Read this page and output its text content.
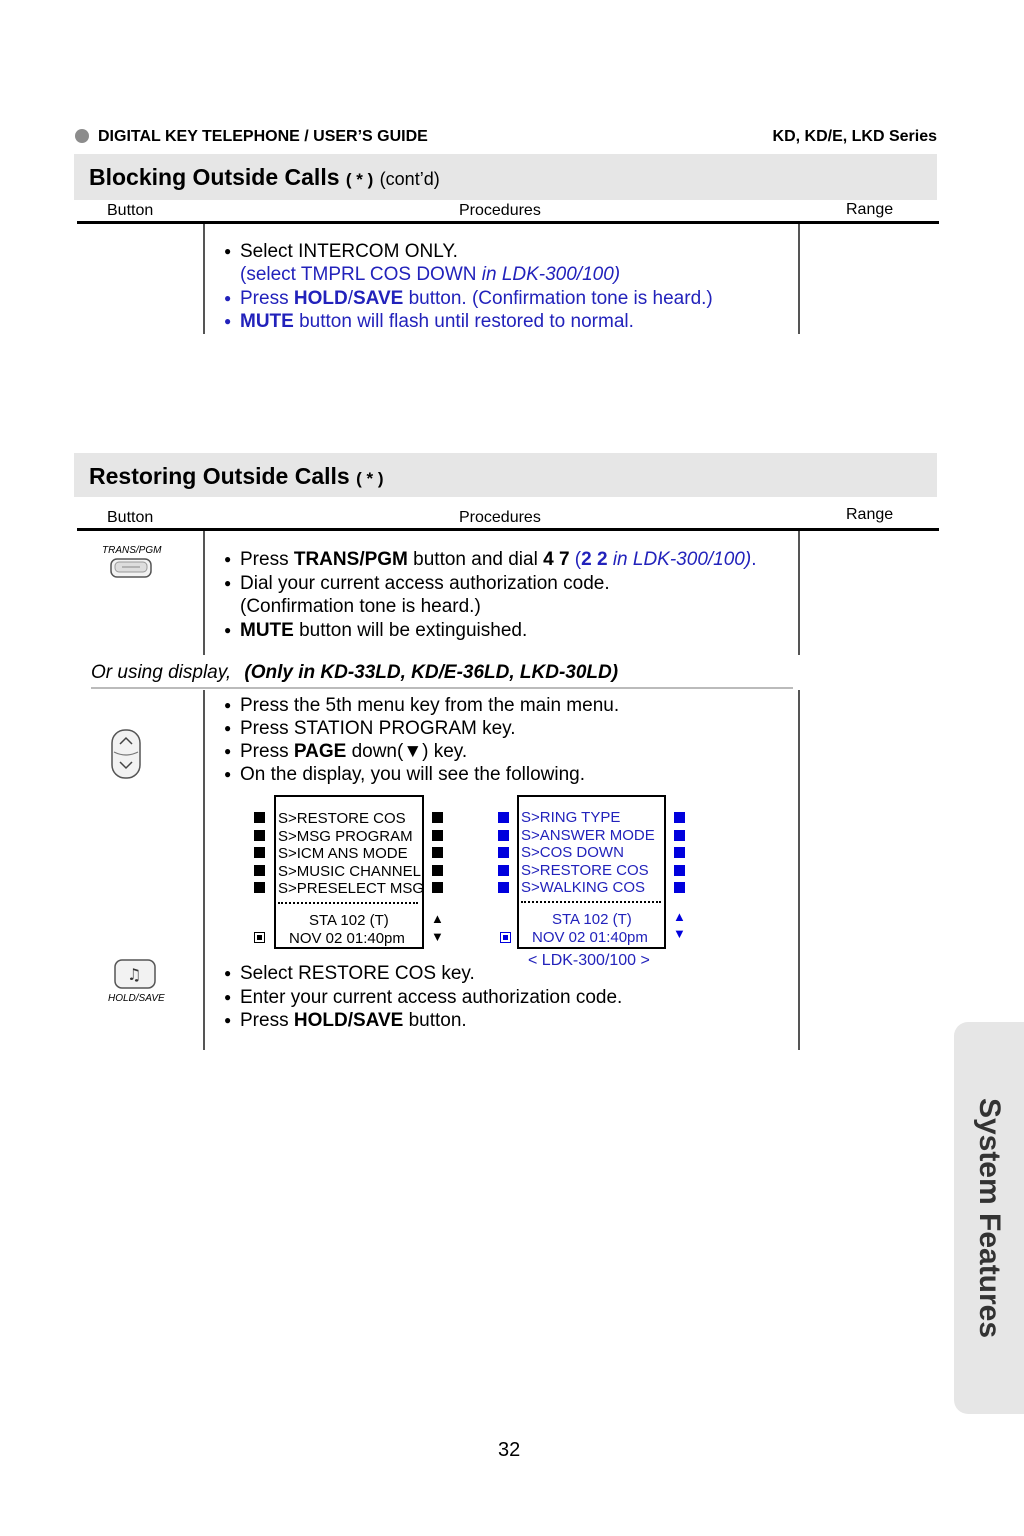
DIGITAL KEY TELEPHONE / USER’S GUIDE	KD, KD/E, LKD Series
Blocking Outside Calls ( * ) (cont’d)
Button	Procedures	Range
● Select INTERCOM ONLY.
(select TMPRL COS DOWN in LDK-300/100)
● Press HOLD/SAVE button. (Confirmation tone is heard.)
● MUTE button will flash until restored to normal.
Restoring Outside Calls ( * )
Button	Procedures	Range
TRANS/PGM
● Press TRANS/PGM button and dial 4 7 (2 2 in LDK-300/100).
● Dial your current access authorization code.
(Confirmation tone is heard.)
● MUTE button will be extinguished.
Or using display, (Only in KD-33LD, KD/E-36LD, LKD-30LD)
● Press the 5th menu key from the main menu.
● Press STATION PROGRAM key.
● Press PAGE down(▼) key.
● On the display, you will see the following.
S>RESTORE COS
S>MSG PROGRAM
S>ICM ANS MODE
S>MUSIC CHANNEL
S>PRESELECT MSG
STA 102 (T)
NOV 02 01:40pm
▲
▼
S>RING TYPE
S>ANSWER MODE
S>COS DOWN
S>RESTORE COS
S>WALKING COS
STA 102 (T)
NOV 02 01:40pm
▲
▼
< LDK-300/100 >
♫
HOLD/SAVE
● Select RESTORE COS key.
● Enter your current access authorization code.
● Press HOLD/SAVE button.
System Features
32
